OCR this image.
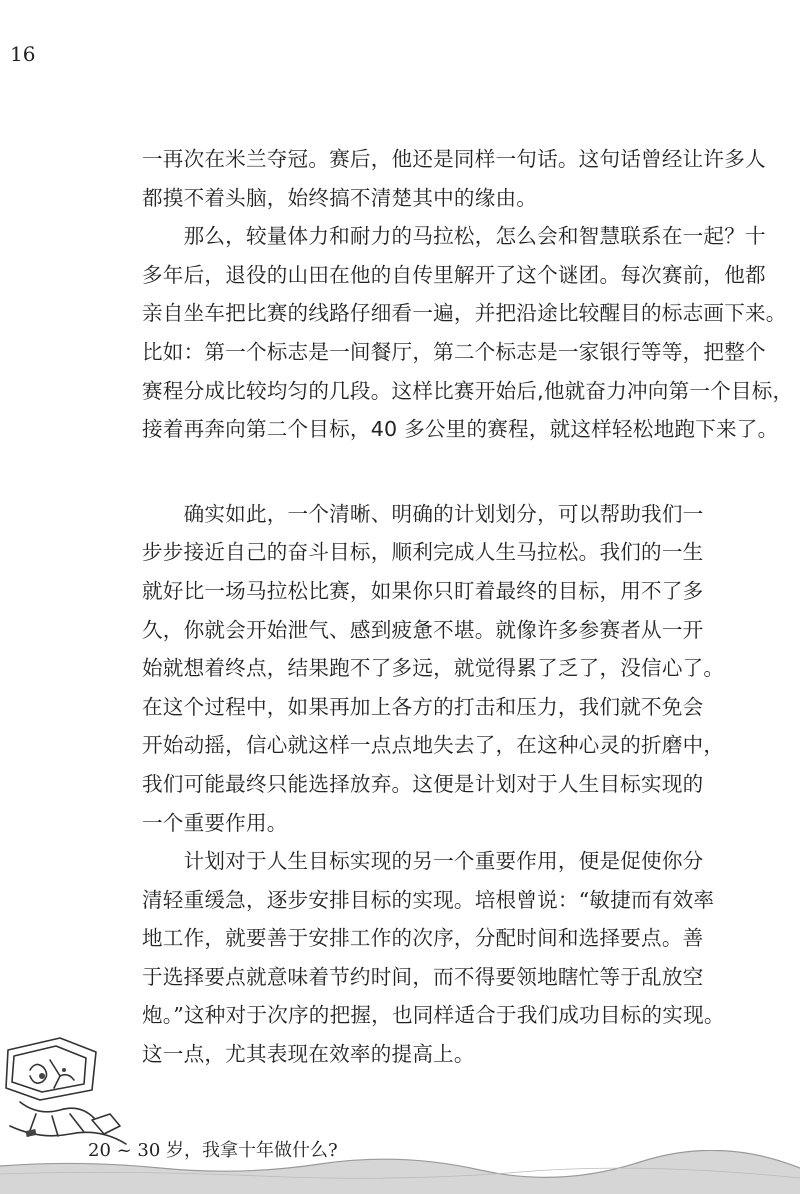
16

一再次在米兰夺冠。赛后，他还是同样一句话。这句话曾经让许多人
都摸不着头脑，始终搞不清楚其中的缘由。

　　那么，较量体力和耐力的马拉松，怎么会和智慧联系在一起？十
多年后，退役的山田在他的自传里解开了这个谜团。每次赛前，他都
亲自坐车把比赛的线路仔细看一遍，并把沿途比较醒目的标志画下来。
比如：第一个标志是一间餐厅，第二个标志是一家银行等等，把整个
赛程分成比较均匀的几段。这样比赛开始后,他就奋力冲向第一个目标，
接着再奔向第二个目标，40 多公里的赛程，就这样轻松地跑下来了。

　　确实如此，一个清晰、明确的计划划分，可以帮助我们一
步步接近自己的奋斗目标，顺利完成人生马拉松。我们的一生
就好比一场马拉松比赛，如果你只盯着最终的目标，用不了多
久，你就会开始泄气、感到疲惫不堪。就像许多参赛者从一开
始就想着终点，结果跑不了多远，就觉得累了乏了，没信心了。
在这个过程中，如果再加上各方的打击和压力，我们就不免会
开始动摇，信心就这样一点点地失去了，在这种心灵的折磨中，
我们可能最终只能选择放弃。这便是计划对于人生目标实现的
一个重要作用。

　　计划对于人生目标实现的另一个重要作用，便是促使你分
清轻重缓急，逐步安排目标的实现。培根曾说：“敏捷而有效率
地工作，就要善于安排工作的次序，分配时间和选择要点。善
于选择要点就意味着节约时间，而不得要领地瞎忙等于乱放空
炮。”这种对于次序的把握，也同样适合于我们成功目标的实现。
这一点，尤其表现在效率的提高上。

20 ~ 30 岁，我拿十年做什么?
